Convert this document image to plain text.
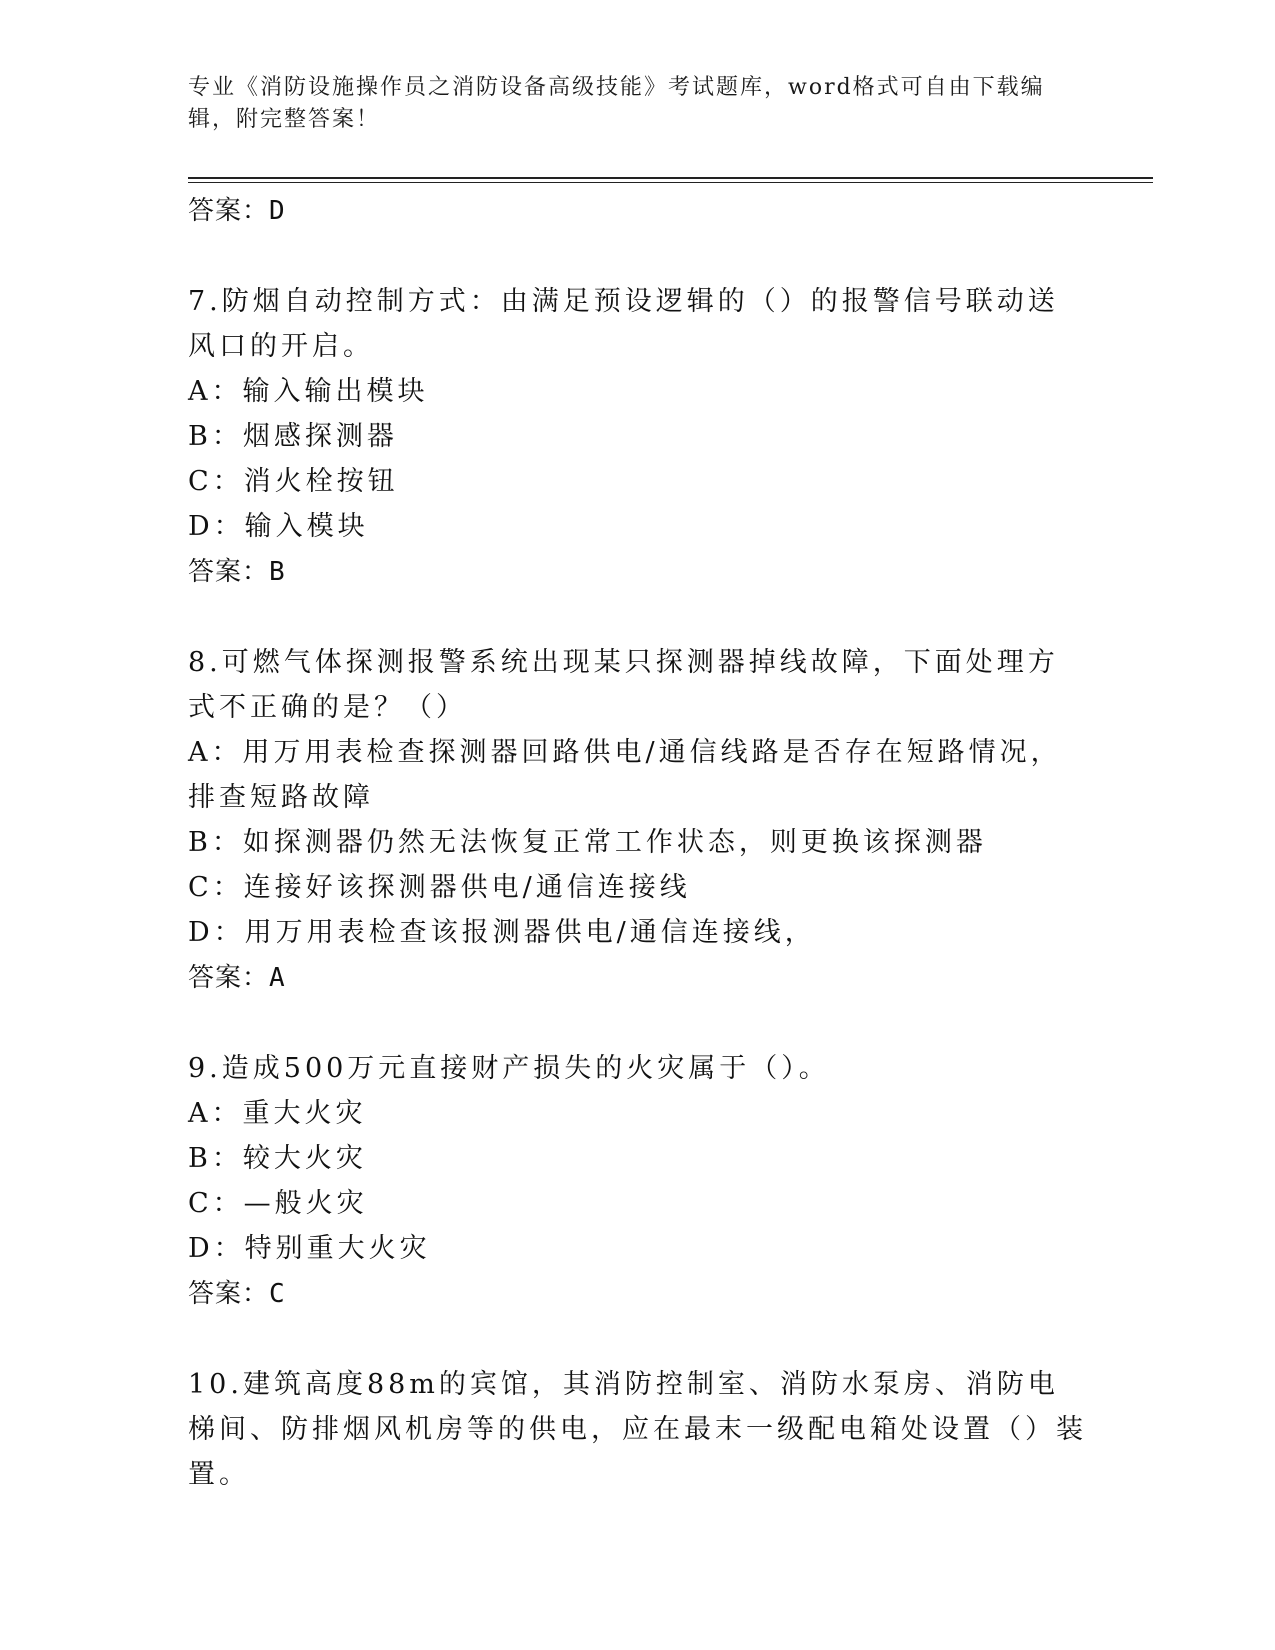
专业《消防设施操作员之消防设备高级技能》考试题库，word格式可自由下载编辑，附完整答案！

答案：D

7.防烟自动控制方式：由满足预设逻辑的（）的报警信号联动送风口的开启。

A：输入输出模块

B：烟感探测器

C：消火栓按钮

D：输入模块

答案：B

8.可燃气体探测报警系统出现某只探测器掉线故障，下面处理方式不正确的是？（）

A：用万用表检查探测器回路供电/通信线路是否存在短路情况，排查短路故障

B：如探测器仍然无法恢复正常工作状态，则更换该探测器

C：连接好该探测器供电/通信连接线

D：用万用表检查该报测器供电/通信连接线，

答案：A

9.造成500万元直接财产损失的火灾属于（）。

A：重大火灾

B：较大火灾

C：—般火灾

D：特别重大火灾

答案：C

10.建筑高度88m的宾馆，其消防控制室、消防水泵房、消防电梯间、防排烟风机房等的供电，应在最末一级配电箱处设置（）装置。
